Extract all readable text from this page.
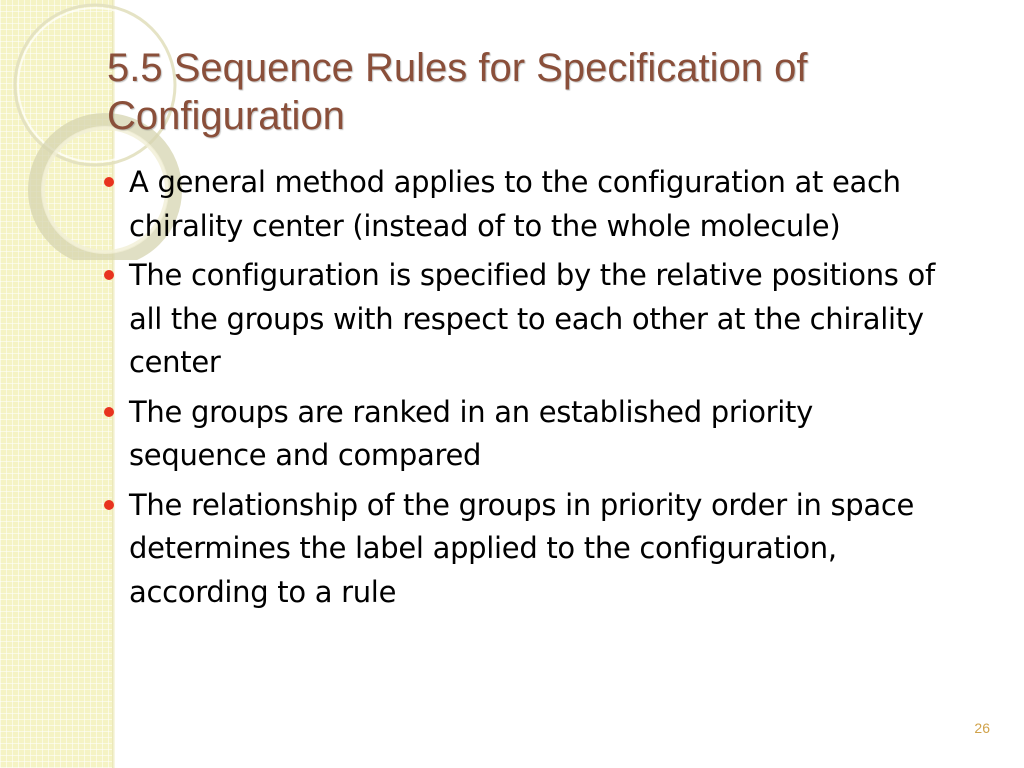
5.5 Sequence Rules for Specification of Configuration
A general method applies to the configuration at each chirality center (instead of to the whole molecule)
The configuration is specified by the relative positions of all the groups with respect to each other at the chirality center
The groups are ranked in an established priority sequence and compared
The relationship of the groups in priority order in space determines the label applied to the configuration, according to a rule
26
